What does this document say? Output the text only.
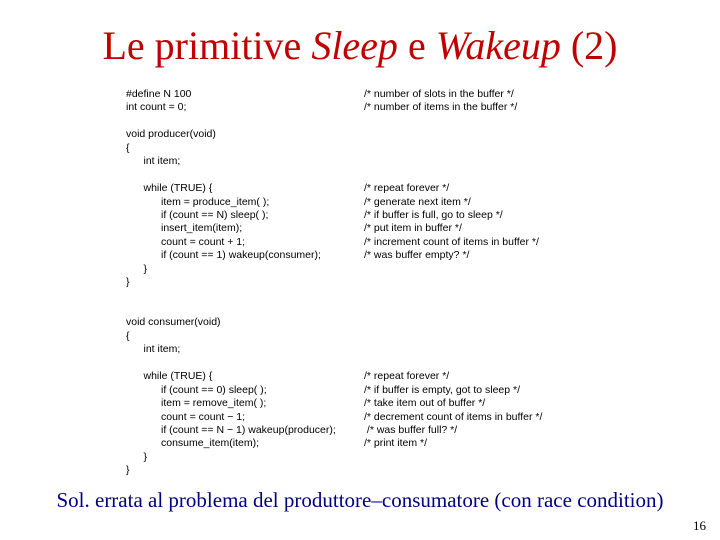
Le primitive Sleep e Wakeup (2)
#define N 100	/* number of slots in the buffer */
int count = 0;	/* number of items in the buffer */
void producer(void)
{
int item;
while (TRUE) {	/* repeat forever */
item = produce_item( );	/* generate next item */
if (count == N) sleep( );	/* if buffer is full, go to sleep */
insert_item(item);	/* put item in buffer */
count = count + 1;	/* increment count of items in buffer */
if (count == 1) wakeup(consumer);	/* was buffer empty? */
}
}
void consumer(void)
{
int item;
while (TRUE) {	/* repeat forever */
if (count == 0) sleep( );	/* if buffer is empty, got to sleep */
item = remove_item( );	/* take item out of buffer */
count = count − 1;	/* decrement count of items in buffer */
if (count == N − 1) wakeup(producer);	/* was buffer full? */
consume_item(item);	/* print item */
}
}
Sol. errata al problema del produttore–consumatore (con race condition)
16
